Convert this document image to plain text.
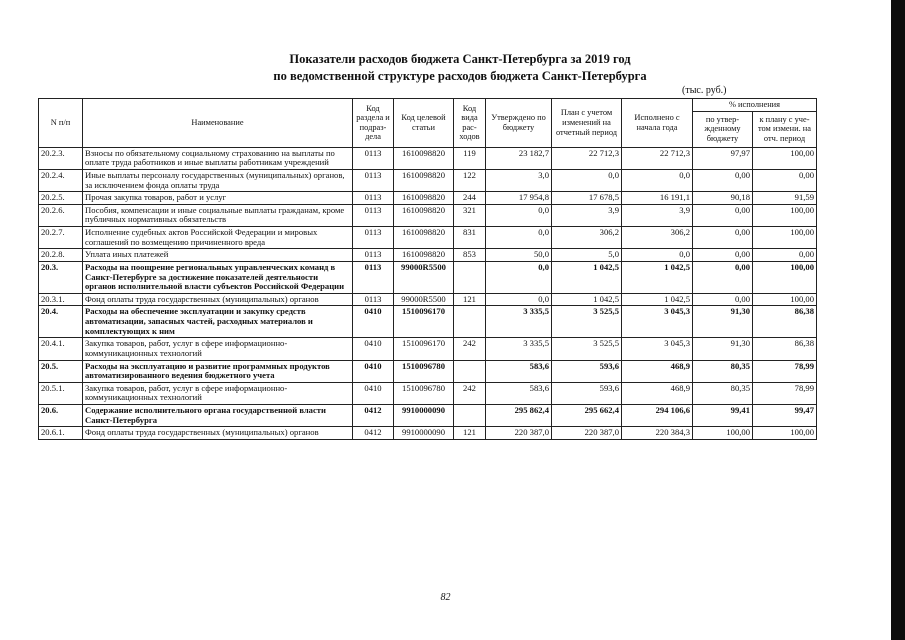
Показатели расходов бюджета Санкт-Петербурга за 2019 год
по ведомственной структуре расходов бюджета Санкт-Петербурга
(тыс. руб.)
N п/п	Наименование	Код раздела и подраз- дела	Код целевой статьи	Код вида рас- ходов	Утверждено по бюджету	План с учетом изменений на отчетный период	Исполнено с начала года	% исполнения	
								по утвер- жденному бюджету	к плану с уче- том измени. на отч. период
20.2.3.	Взносы по обязательному социальному страхованию на выплаты по оплате труда работников и иные выплаты работникам учреждений	0113	1610098820	119	23 182,7	22 712,3	22 712,3	97,97	100,00
20.2.4.	Иные выплаты персоналу государственных (муниципальных) органов, за исключением фонда оплаты труда	0113	1610098820	122	3,0	0,0	0,0	0,00	0,00
20.2.5.	Прочая закупка товаров, работ и услуг	0113	1610098820	244	17 954,8	17 678,5	16 191,1	90,18	91,59
20.2.6.	Пособия, компенсации и иные социальные выплаты гражданам, кроме публичных нормативных обязательств	0113	1610098820	321	0,0	3,9	3,9	0,00	100,00
20.2.7.	Исполнение судебных актов Российской Федерации и мировых соглашений по возмещению причиненного вреда	0113	1610098820	831	0,0	306,2	306,2	0,00	100,00
20.2.8.	Уплата иных платежей	0113	1610098820	853	50,0	5,0	0,0	0,00	0,00
20.3.	Расходы на поощрение региональных управленческих команд в Санкт-Петербурге за достижение показателей деятельности органов исполнительной власти субъектов Российской Федерации	0113	99000R5500		0,0	1 042,5	1 042,5	0,00	100,00
20.3.1.	Фонд оплаты труда государственных (муниципальных) органов	0113	99000R5500	121	0,0	1 042,5	1 042,5	0,00	100,00
20.4.	Расходы на обеспечение эксплуатации и закупку средств автоматизации, запасных частей, расходных материалов и комплектующих к ним	0410	1510096170		3 335,5	3 525,5	3 045,3	91,30	86,38
20.4.1.	Закупка товаров, работ, услуг в сфере информационно-коммуникационных технологий	0410	1510096170	242	3 335,5	3 525,5	3 045,3	91,30	86,38
20.5.	Расходы на эксплуатацию и развитие программных продуктов автоматизированного ведения бюджетного учета	0410	1510096780		583,6	593,6	468,9	80,35	78,99
20.5.1.	Закупка товаров, работ, услуг в сфере информационно-коммуникационных технологий	0410	1510096780	242	583,6	593,6	468,9	80,35	78,99
20.6.	Содержание исполнительного органа государственной власти Санкт-Петербурга	0412	9910000090		295 862,4	295 662,4	294 106,6	99,41	99,47
20.6.1.	Фонд оплаты труда государственных (муниципальных) органов	0412	9910000090	121	220 387,0	220 387,0	220 384,3	100,00	100,00
82
